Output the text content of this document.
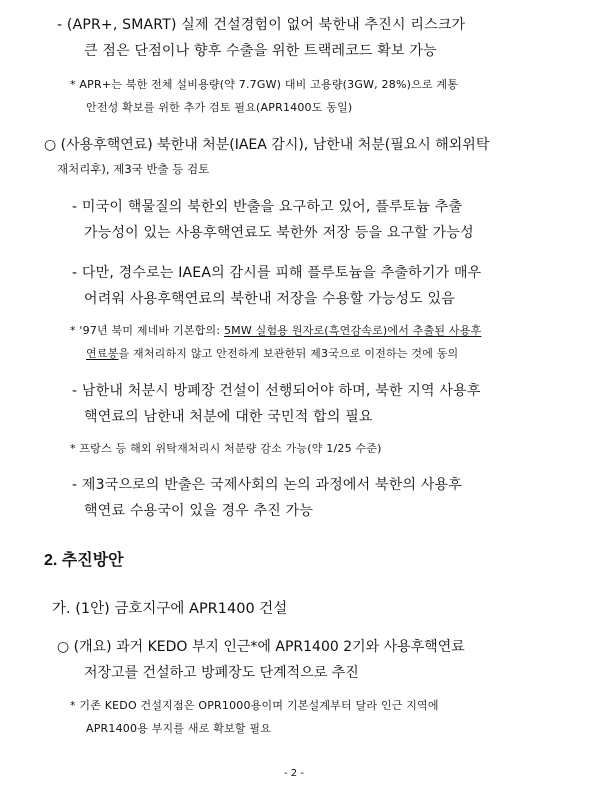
- (APR+, SMART) 실제 건설경험이 없어 북한내 추진시 리스크가
큰 점은 단점이나 향후 수출을 위한 트랙레코드 확보 가능
* APR+는 북한 전체 설비용량(약 7.7GW) 대비 고용량(3GW, 28%)으로 계통
안전성 확보를 위한 추가 검토 필요(APR1400도 동일)
○ (사용후핵연료) 북한내 처분(IAEA 감시), 남한내 처분(필요시 해외위탁
재처리후), 제3국 반출 등 검토
- 미국이 핵물질의 북한외 반출을 요구하고 있어, 플루토늄 추출
가능성이 있는 사용후핵연료도 북한外 저장 등을 요구할 가능성
- 다만, 경수로는 IAEA의 감시를 피해 플루토늄을 추출하기가 매우
어려워 사용후핵연료의 북한내 저장을 수용할 가능성도 있음
* '97년 북미 제네바 기본합의: 5MW 실험용 원자로(흑연감속로)에서 추출된 사용후
연료봉을 재처리하지 않고 안전하게 보관한뒤 제3국으로 이전하는 것에 동의
- 남한내 처분시 방폐장 건설이 선행되어야 하며, 북한 지역 사용후
핵연료의 남한내 처분에 대한 국민적 합의 필요
* 프랑스 등 해외 위탁재처리시 처분량 감소 가능(약 1/25 수준)
- 제3국으로의 반출은 국제사회의 논의 과정에서 북한의 사용후
핵연료 수용국이 있을 경우 추진 가능
2. 추진방안
가. (1안) 금호지구에 APR1400 건설
○ (개요) 과거 KEDO 부지 인근*에 APR1400 2기와 사용후핵연료
저장고를 건설하고 방폐장도 단계적으로 추진
* 기존 KEDO 건설지점은 OPR1000용이며 기본설계부터 달라 인근 지역에
APR1400용 부지를 새로 확보할 필요
- 2 -
